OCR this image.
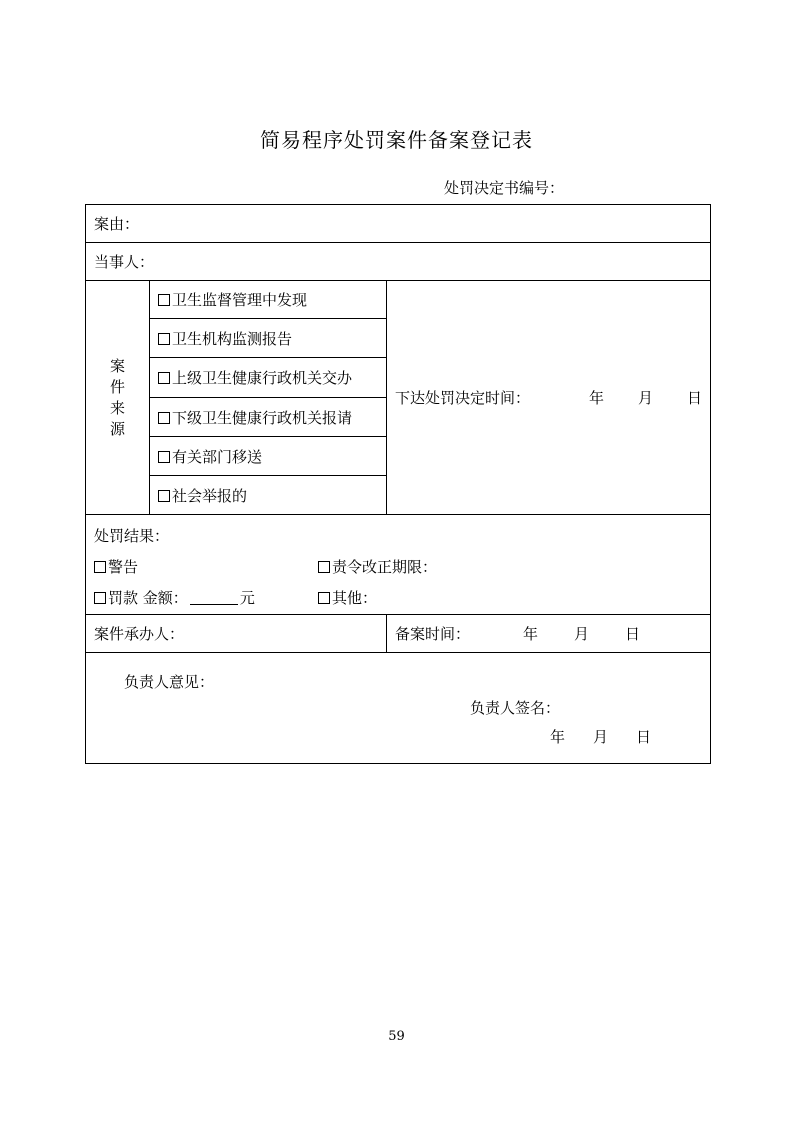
简易程序处罚案件备案登记表
处罚决定书编号：
案由：		
当事人：		

案
件
来
源	卫生监督管理中发现	下达处罚决定时间： 年 月 日
	卫生机构监测报告	
	上级卫生健康行政机关交办	
	下级卫生健康行政机关报请	
	有关部门移送	
	社会举报的	

处罚结果：
警告 责令改正期限：
罚款 金额： 元 其他：		

案件承办人：		备案时间： 年 月 日

负责人意见：
负责人签名：
年 月 日		
59
